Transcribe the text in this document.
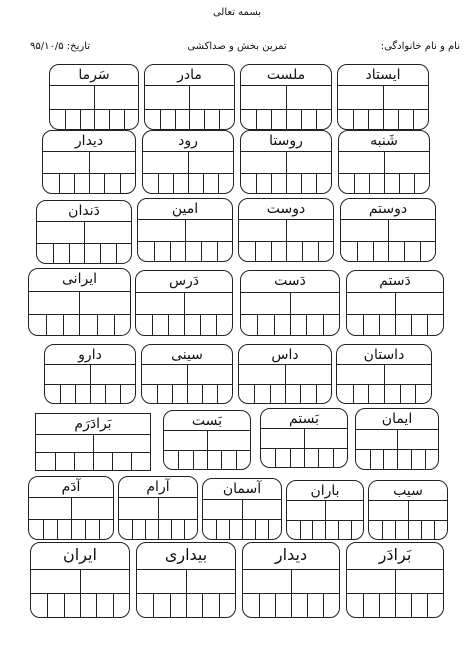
بسمه تعالی
تمرین بخش و صداکشی	نام و نام خانوادگی:
تاریخ: ۹۵/۱۰/۵
سَرما	مادر	ملست	ایستاد
دیدار	رود	روستا	شَنبه
دَندان	امین	دوست	دوستم
ایرانی	دَرس	دَست	دَستم
دارو	سینی	داس	داستان
بَرادَرَم	بَست	بَستم	ایمان
آدَم	آرام	آسمان	باران	سیب
ایران	بیداری	دیدار	بَرادَر
